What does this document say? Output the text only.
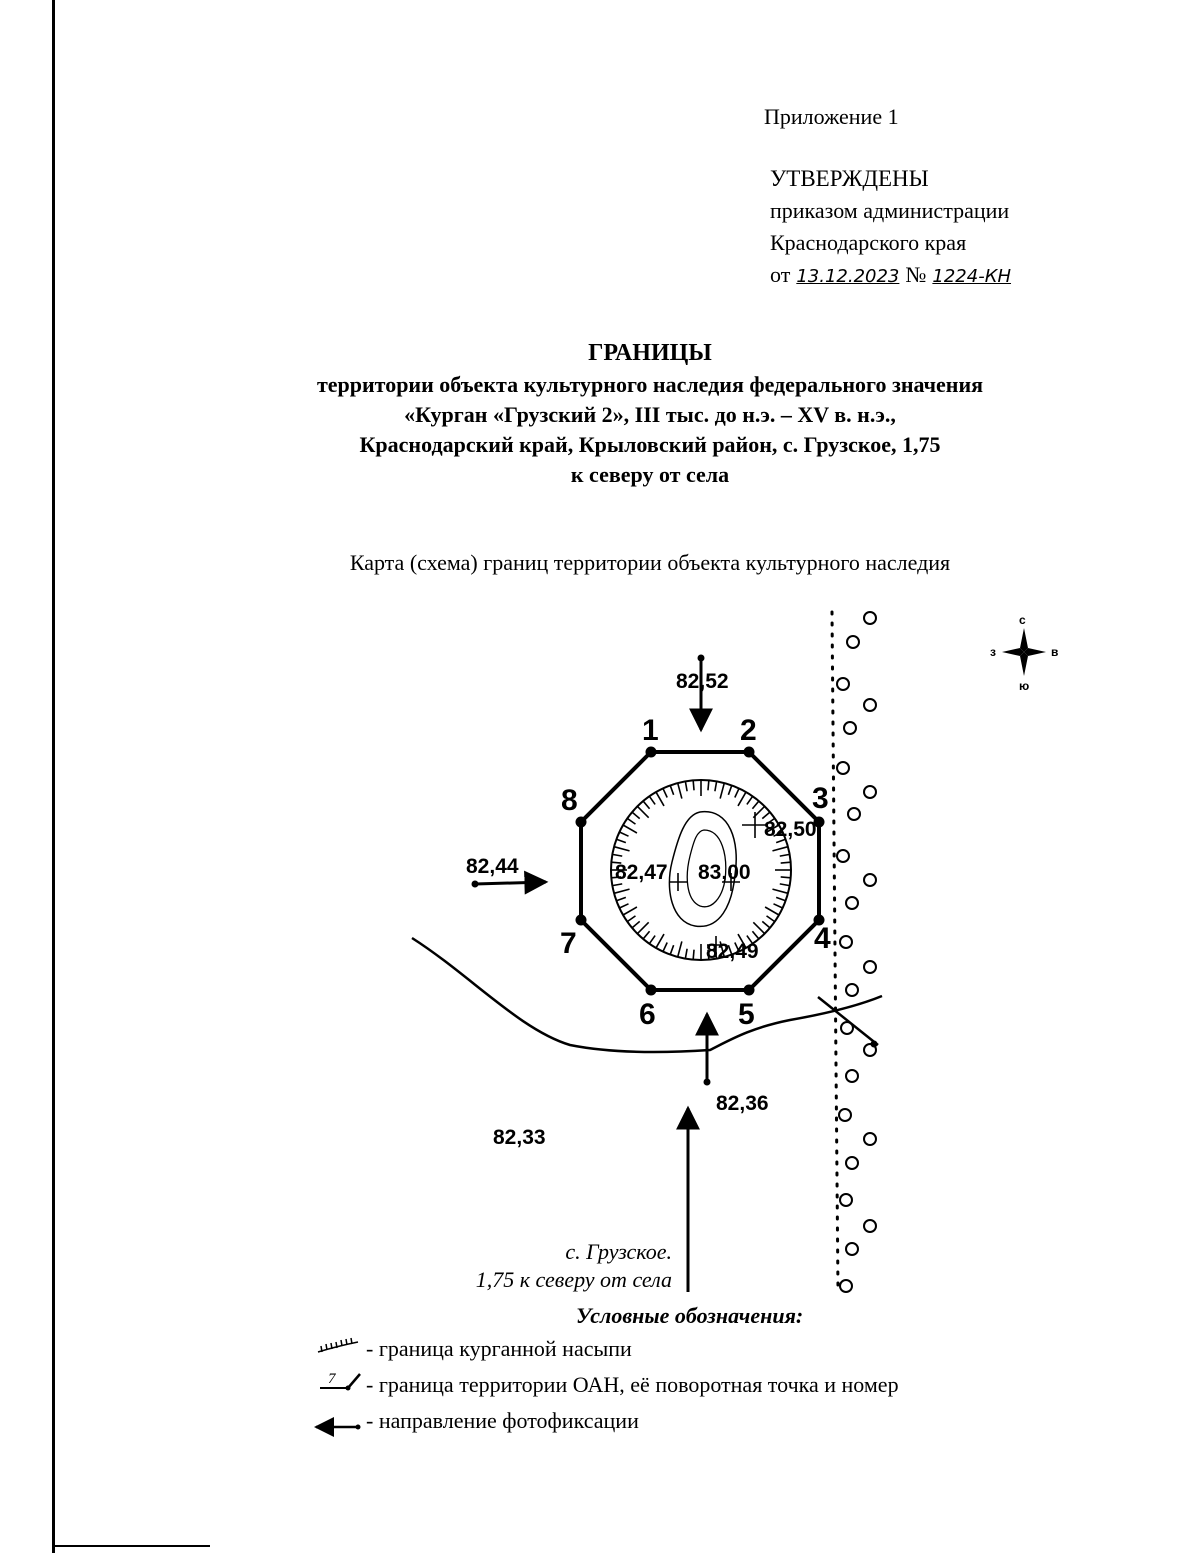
Приложение 1
УТВЕРЖДЕНЫ
приказом администрации
Краснодарского края
от 13.12.2023 № 1224-КН
ГРАНИЦЫ
территории объекта культурного наследия федерального значения
«Курган «Грузский 2», III тыс. до н.э. – XV в. н.э.,
Краснодарский край, Крыловский район, с. Грузское, 1,75
к северу от села
Карта (схема) границ территории объекта культурного наследия
1	2
3
4
5
6
7
8
82,52
82,44
82,50
82,47 83,00
82,49
82,36
82,33
с
ю
з	в
7
с. Грузское.
1,75 к северу от села
Условные обозначения:
- граница курганной насыпи
- граница территории ОАН, её поворотная точка и номер
- направление фотофиксации
